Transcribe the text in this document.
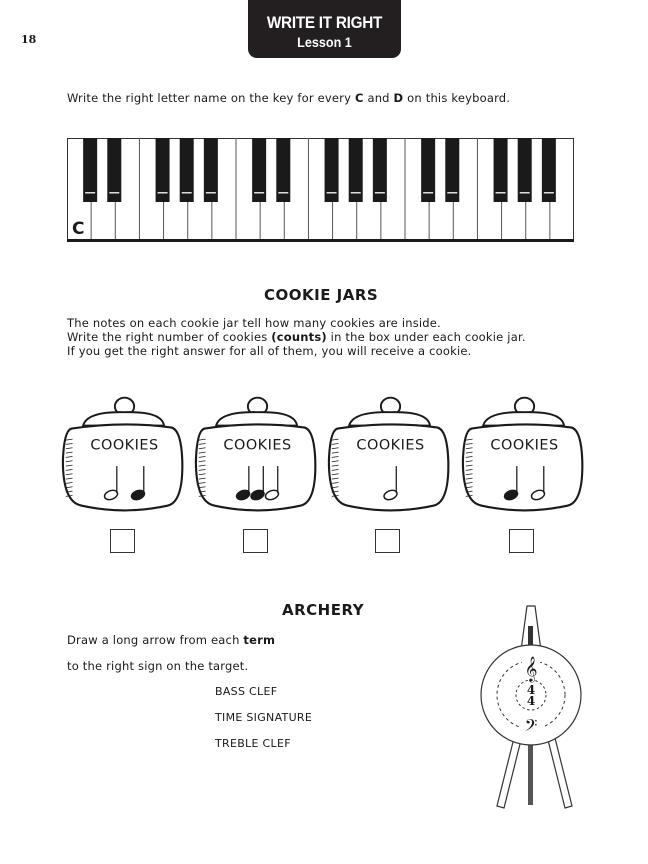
18
WRITE IT RIGHT
Lesson 1
Write the right letter name on the key for every C and D on this keyboard.
C
COOKIE JARS
The notes on each cookie jar tell how many cookies are inside.
Write the right number of cookies (counts) in the box under each cookie jar.
If you get the right answer for all of them, you will receive a cookie.
COOKIES	COOKIES	COOKIES	COOKIES
ARCHERY
Draw a long arrow from each term
to the right sign on the target.
BASS CLEF
TIME SIGNATURE
TREBLE CLEF
𝄞
4
4
𝄢
